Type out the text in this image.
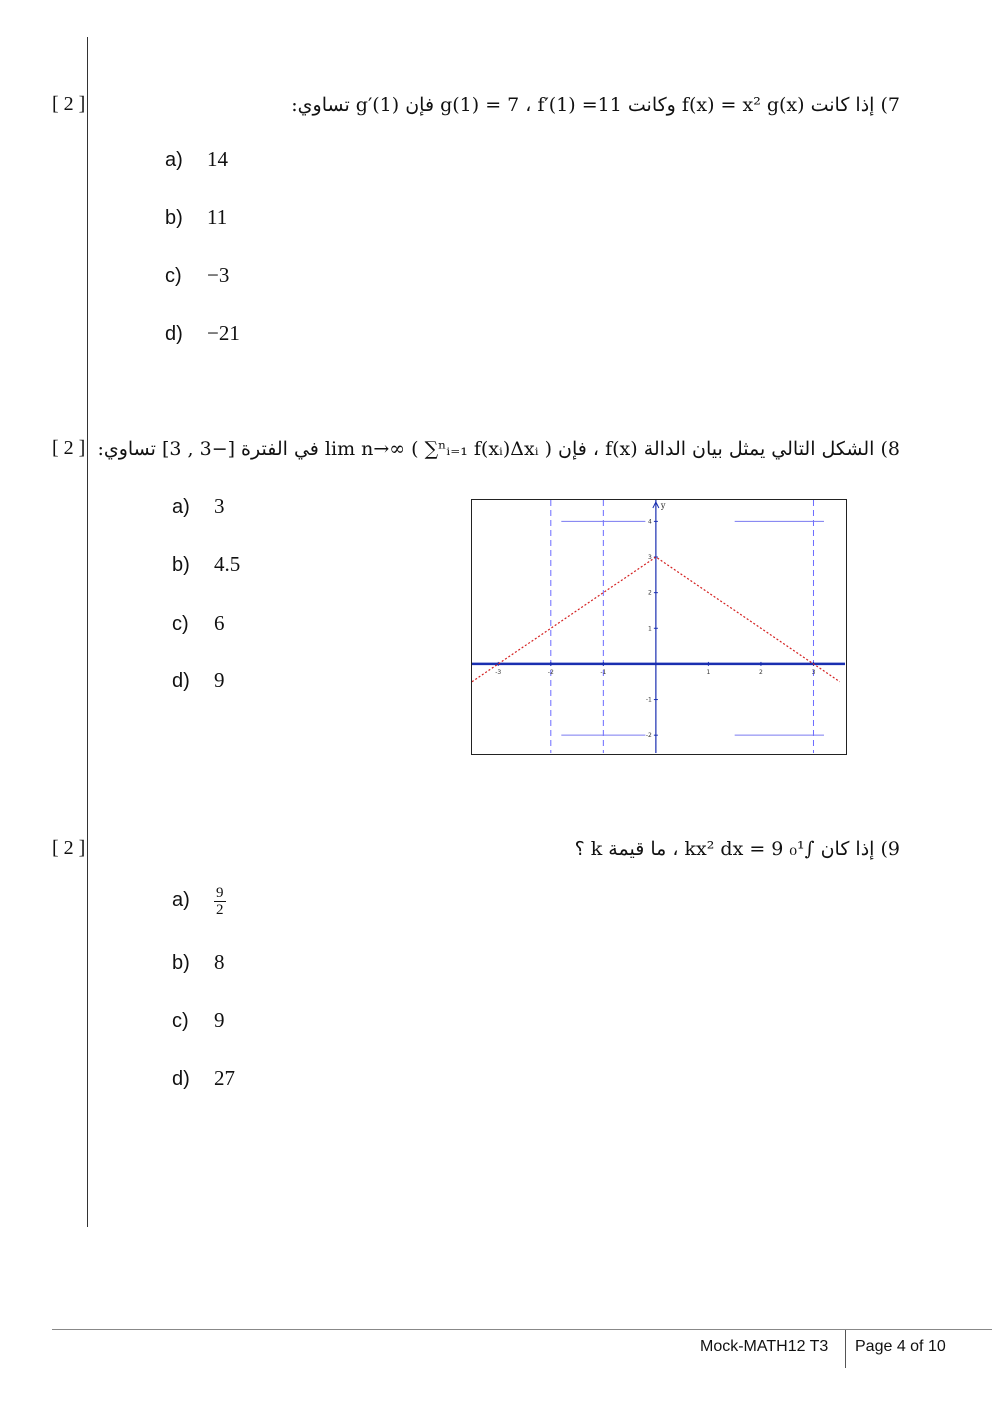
[ 2 ]	7) إذا كانت f(x) = x² g(x) وكانت g(1) = 7 ، f′(1) =11 فإن g′(1) تساوي:
a) 14
b) 11
c) −3
d) −21
[ 2 ] 8) الشكل التالي يمثل بيان الدالة f(x) ، فإن lim n→∞ ( ∑ⁿᵢ₌₁ f(xᵢ)Δxᵢ ) في الفترة [−3 , 3] تساوي:
a) 3
b) 4.5
c) 6
d) 9
y
-3	-2	-1	1	2	3
-2
-1
1
2
3
4
[ 2 ]	9) إذا كان ∫₀¹ kx² dx = 9 ، ما قيمة k ؟
$a) \frac{9}{2}$
b) 8
c) 9
d) 27
Mock-MATH12 T3 Page 4 of 10
